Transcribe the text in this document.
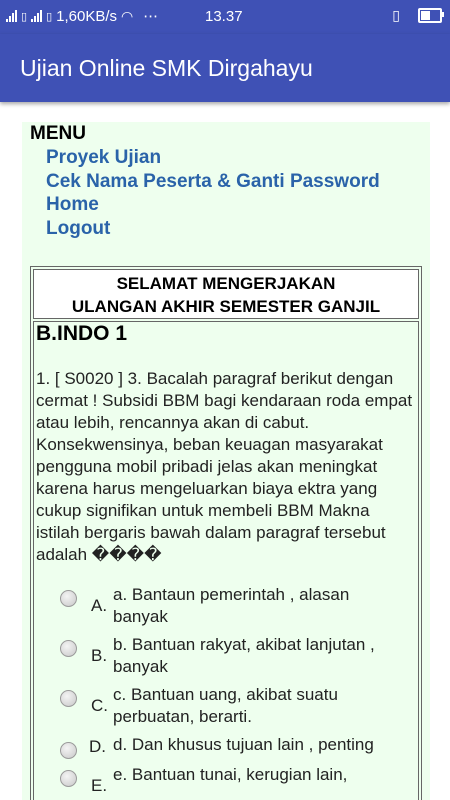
▯ ▯ 1,60KB/s ◠ ⋯	13.37	▯
Ujian Online SMK Dirgahayu
MENU
Proyek Ujian
Cek Nama Peserta & Ganti Password
Home
Logout
SELAMAT MENGERJAKAN
ULANGAN AKHIR SEMESTER GANJIL
B.INDO 1
1. [ S0020 ] 3. Bacalah paragraf berikut dengan cermat ! Subsidi BBM bagi kendaraan roda empat atau lebih, rencannya akan di cabut. Konsekwensinya, beban keuagan masyarakat pengguna mobil pribadi jelas akan meningkat karena harus mengeluarkan biaya ektra yang cukup signifikan untuk membeli BBM Makna istilah bergaris bawah dalam paragraf tersebut adalah ����
A.
a. Bantaun pemerintah , alasan banyak
B.
b. Bantuan rakyat, akibat lanjutan , banyak
C.
c. Bantuan uang, akibat suatu perbuatan, berarti.
D. d. Dan khusus tujuan lain , penting
E.
e. Bantuan tunai, kerugian lain,
